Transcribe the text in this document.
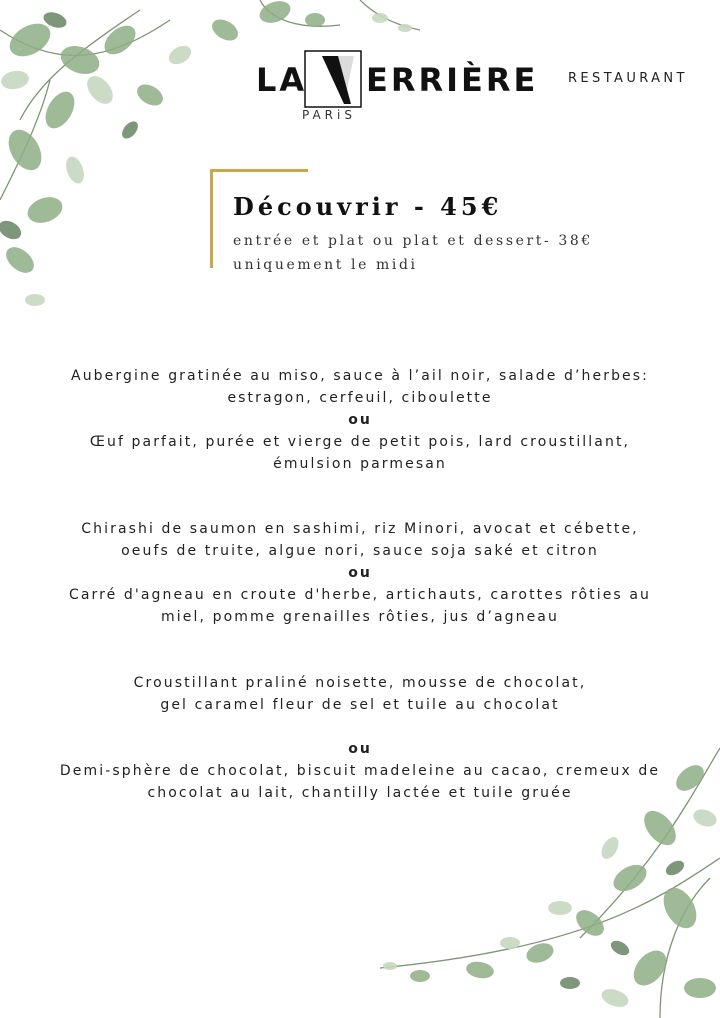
LA ERRIÈRE
PARiS
RESTAURANT
Découvrir - 45€
entrée et plat ou plat et dessert- 38€
uniquement le midi
Aubergine gratinée au miso, sauce à l’ail noir, salade d’herbes:
estragon, cerfeuil, ciboulette
ou
Œuf parfait, purée et vierge de petit pois, lard croustillant,
émulsion parmesan
Chirashi de saumon en sashimi, riz Minori, avocat et cébette,
oeufs de truite, algue nori, sauce soja saké et citron
ou
Carré d'agneau en croute d'herbe, artichauts, carottes rôties au
miel, pomme grenailles rôties, jus d’agneau
Croustillant praliné noisette, mousse de chocolat,
gel caramel fleur de sel et tuile au chocolat
ou
Demi-sphère de chocolat, biscuit madeleine au cacao, cremeux de
chocolat au lait, chantilly lactée et tuile gruée
